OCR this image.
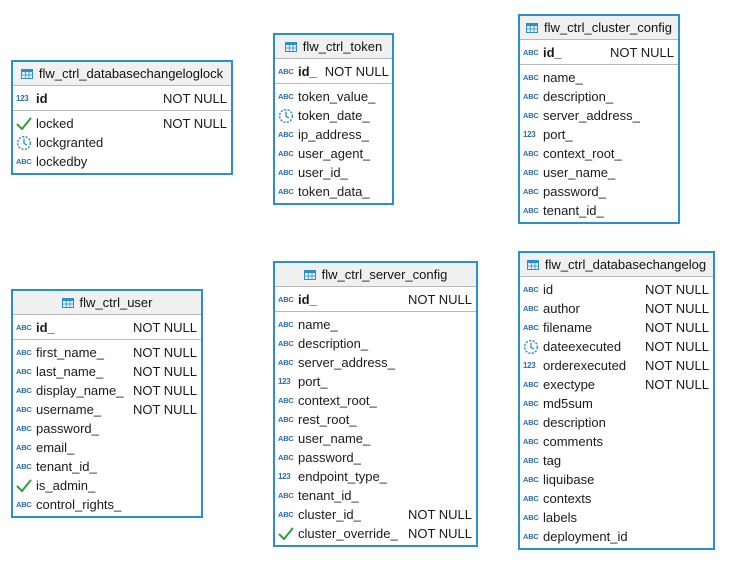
flw_ctrl_databasechangeloglock
123 id	NOT NULL
locked	NOT NULL
lockgranted
ABC lockedby
flw_ctrl_token
ABC id_ NOT NULL
ABC token_value_
token_date_
ABC ip_address_
ABC user_agent_
ABC user_id_
ABC token_data_
flw_ctrl_cluster_config
ABC id_	NOT NULL
ABC name_
ABC description_
ABC server_address_
123 port_
ABC context_root_
ABC user_name_
ABC password_
ABC tenant_id_
flw_ctrl_user
ABC id_	NOT NULL
ABC first_name_	NOT NULL
ABC last_name_	NOT NULL
ABC display_name_ NOT NULL
ABC username_	NOT NULL
ABC password_
ABC email_
ABC tenant_id_
is_admin_
ABC control_rights_
flw_ctrl_server_config
ABC id_	NOT NULL
ABC name_
ABC description_
ABC server_address_
123 port_
ABC context_root_
ABC rest_root_
ABC user_name_
ABC password_
123 endpoint_type_
ABC tenant_id_
ABC cluster_id_	NOT NULL
cluster_override_ NOT NULL
flw_ctrl_databasechangelog
ABC id	NOT NULL
ABC author	NOT NULL
ABC filename	NOT NULL
dateexecuted	NOT NULL
123 orderexecuted	NOT NULL
ABC exectype	NOT NULL
ABC md5sum
ABC description
ABC comments
ABC tag
ABC liquibase
ABC contexts
ABC labels
ABC deployment_id
